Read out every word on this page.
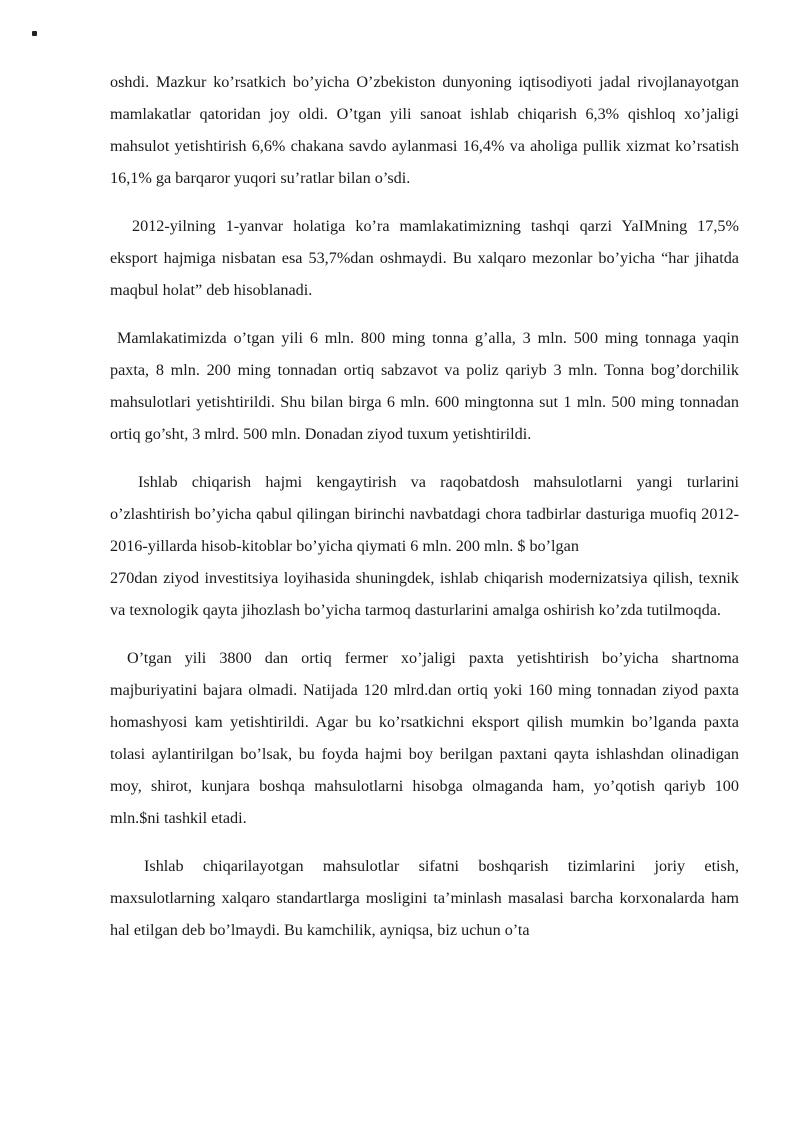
oshdi. Mazkur ko’rsatkich bo’yicha O’zbekiston dunyoning iqtisodiyoti jadal rivojlanayotgan mamlakatlar qatoridan joy oldi. O’tgan yili sanoat ishlab chiqarish 6,3% qishloq xo’jaligi mahsulot yetishtirish 6,6% chakana savdo aylanmasi 16,4% va aholiga pullik xizmat ko’rsatish 16,1% ga barqaror yuqori su’ratlar bilan o’sdi.

2012-yilning 1-yanvar holatiga ko’ra mamlakatimizning tashqi qarzi YaIMning 17,5% eksport hajmiga nisbatan esa 53,7%dan oshmaydi. Bu xalqaro mezonlar bo’yicha “har jihatda maqbul holat” deb hisoblanadi.

Mamlakatimizda o’tgan yili 6 mln. 800 ming tonna g’alla, 3 mln. 500 ming tonnaga yaqin paxta, 8 mln. 200 ming tonnadan ortiq sabzavot va poliz qariyb 3 mln. Tonna bog’dorchilik mahsulotlari yetishtirildi. Shu bilan birga 6 mln. 600 mingtonna sut 1 mln. 500 ming tonnadan ortiq go’sht, 3 mlrd. 500 mln. Donadan ziyod tuxum yetishtirildi.

Ishlab chiqarish hajmi kengaytirish va raqobatdosh mahsulotlarni yangi turlarini o’zlashtirish bo’yicha qabul qilingan birinchi navbatdagi chora tadbirlar dasturiga muofiq 2012-2016-yillarda hisob-kitoblar bo’yicha qiymati 6 mln. 200 mln. $ bo’lgan
270dan ziyod investitsiya loyihasida shuningdek, ishlab chiqarish modernizatsiya qilish, texnik va texnologik qayta jihozlash bo’yicha tarmoq dasturlarini amalga oshirish ko’zda tutilmoqda.

O’tgan yili 3800 dan ortiq fermer xo’jaligi paxta yetishtirish bo’yicha shartnoma majburiyatini bajara olmadi. Natijada 120 mlrd.dan ortiq yoki 160 ming tonnadan ziyod paxta homashyosi kam yetishtirildi. Agar bu ko’rsatkichni eksport qilish mumkin bo’lganda paxta tolasi aylantirilgan bo’lsak, bu foyda hajmi boy berilgan paxtani qayta ishlashdan olinadigan moy, shirot, kunjara boshqa mahsulotlarni hisobga olmaganda ham, yo’qotish qariyb 100 mln.$ni tashkil etadi.

Ishlab chiqarilayotgan mahsulotlar sifatni boshqarish tizimlarini joriy etish, maxsulotlarning xalqaro standartlarga mosligini ta’minlash masalasi barcha korxonalarda ham hal etilgan deb bo’lmaydi. Bu kamchilik, ayniqsa, biz uchun o’ta
